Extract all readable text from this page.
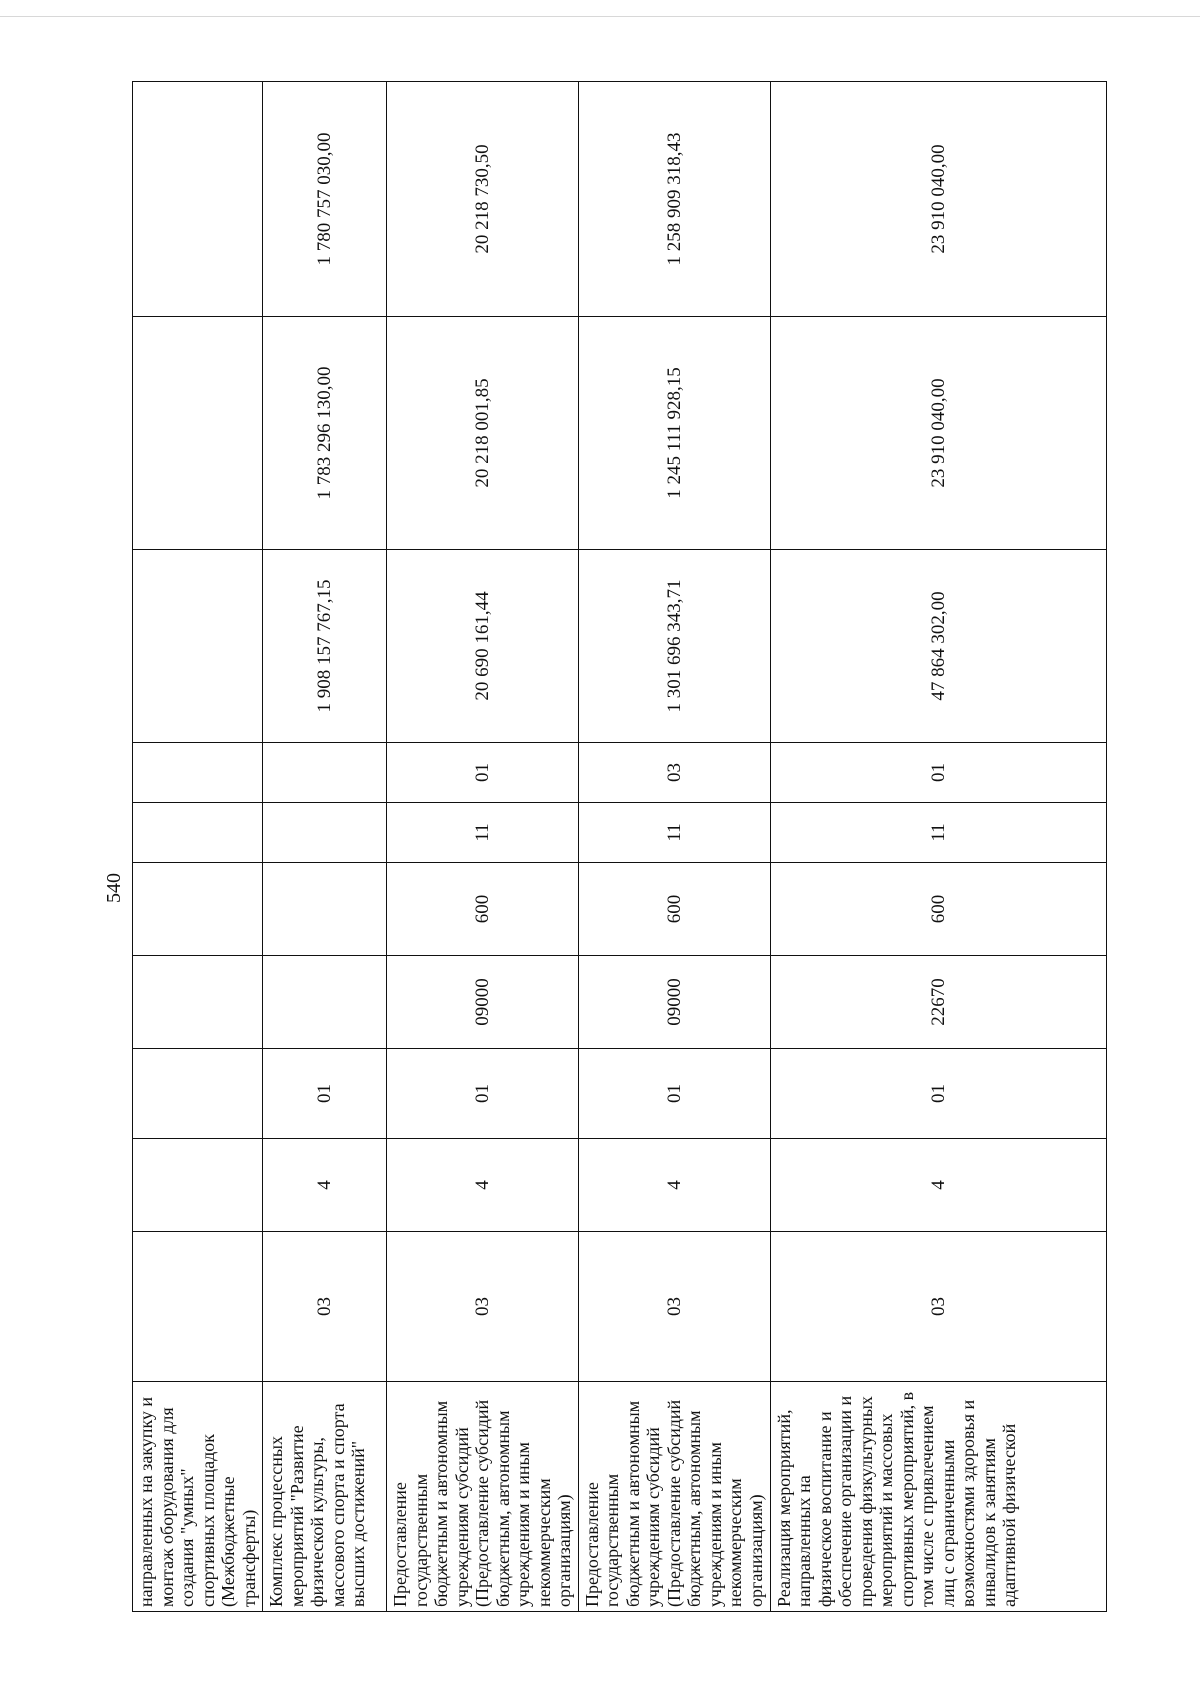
540
направленных на закупку и монтаж оборудования для создания "умных" спортивных площадок (Межбюджетные трансферты)										
Комплекс процессных мероприятий "Развитие физической культуры, массового спорта и спорта высших достижений"	03	4	01					1 908 157 767,15	1 783 296 130,00	1 780 757 030,00
Предоставление государственным бюджетным и автономным учреждениям субсидий (Предоставление субсидий бюджетным, автономным учреждениям и иным некоммерческим организациям)	03	4	01	09000	600	11	01	20 690 161,44	20 218 001,85	20 218 730,50
Предоставление государственным бюджетным и автономным учреждениям субсидий (Предоставление субсидий бюджетным, автономным учреждениям и иным некоммерческим организациям)	03	4	01	09000	600	11	03	1 301 696 343,71	1 245 111 928,15	1 258 909 318,43
Реализация мероприятий, направленных на физическое воспитание и обеспечение организации и проведения физкультурных мероприятий и массовых спортивных мероприятий, в том числе с привлечением лиц с ограниченными возможностями здоровья и инвалидов к занятиям адаптивной физической	03	4	01	22670	600	11	01	47 864 302,00	23 910 040,00	23 910 040,00
